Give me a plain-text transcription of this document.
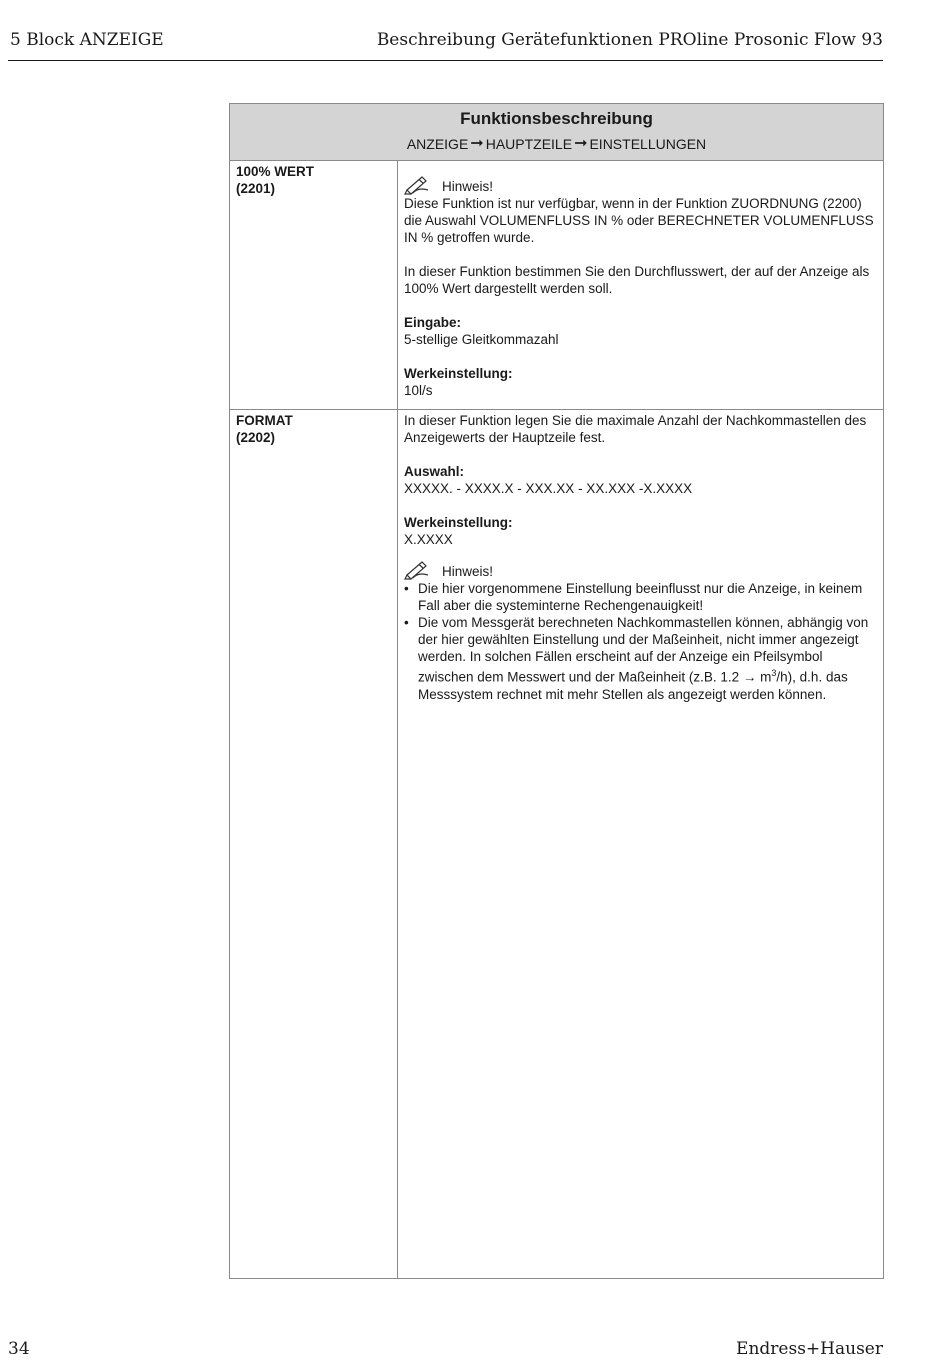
5 Block ANZEIGE	Beschreibung Gerätefunktionen PROline Prosonic Flow 93
Funktionsbeschreibung
ANZEIGE ➞ HAUPTZEILE ➞ EINSTELLUNGEN
100% WERT
(2201)	Hinweis!

Diese Funktion ist nur verfügbar, wenn in der Funktion ZUORDNUNG (2200) die Auswahl VOLUMENFLUSS IN % oder BERECHNETER VOLUMENFLUSS IN % getroffen wurde.

In dieser Funktion bestimmen Sie den Durchflusswert, der auf der Anzeige als 100% Wert dargestellt werden soll.

Eingabe:

5-stellige Gleitkommazahl

Werkeinstellung:

10l/s

FORMAT
(2202)

In dieser Funktion legen Sie die maximale Anzahl der Nachkommastellen des Anzeigewerts der Hauptzeile fest.

Auswahl:

XXXXX. - XXXX.X - XXX.XX - XX.XXX -X.XXXX

Werkeinstellung:

X.XXXX

Hinweis!
• Die hier vorgenommene Einstellung beeinflusst nur die Anzeige, in keinem Fall aber die systeminterne Rechengenauigkeit!
• Die vom Messgerät berechneten Nachkommastellen können, abhängig von der hier gewählten Einstellung und der Maßeinheit, nicht immer angezeigt werden. In solchen Fällen erscheint auf der Anzeige ein Pfeilsymbol zwischen dem Messwert und der Maßeinheit (z.B. $1.2 \to m^3/h$), d.h. das Messsystem rechnet mit mehr Stellen als angezeigt werden können.
34	Endress+Hauser
